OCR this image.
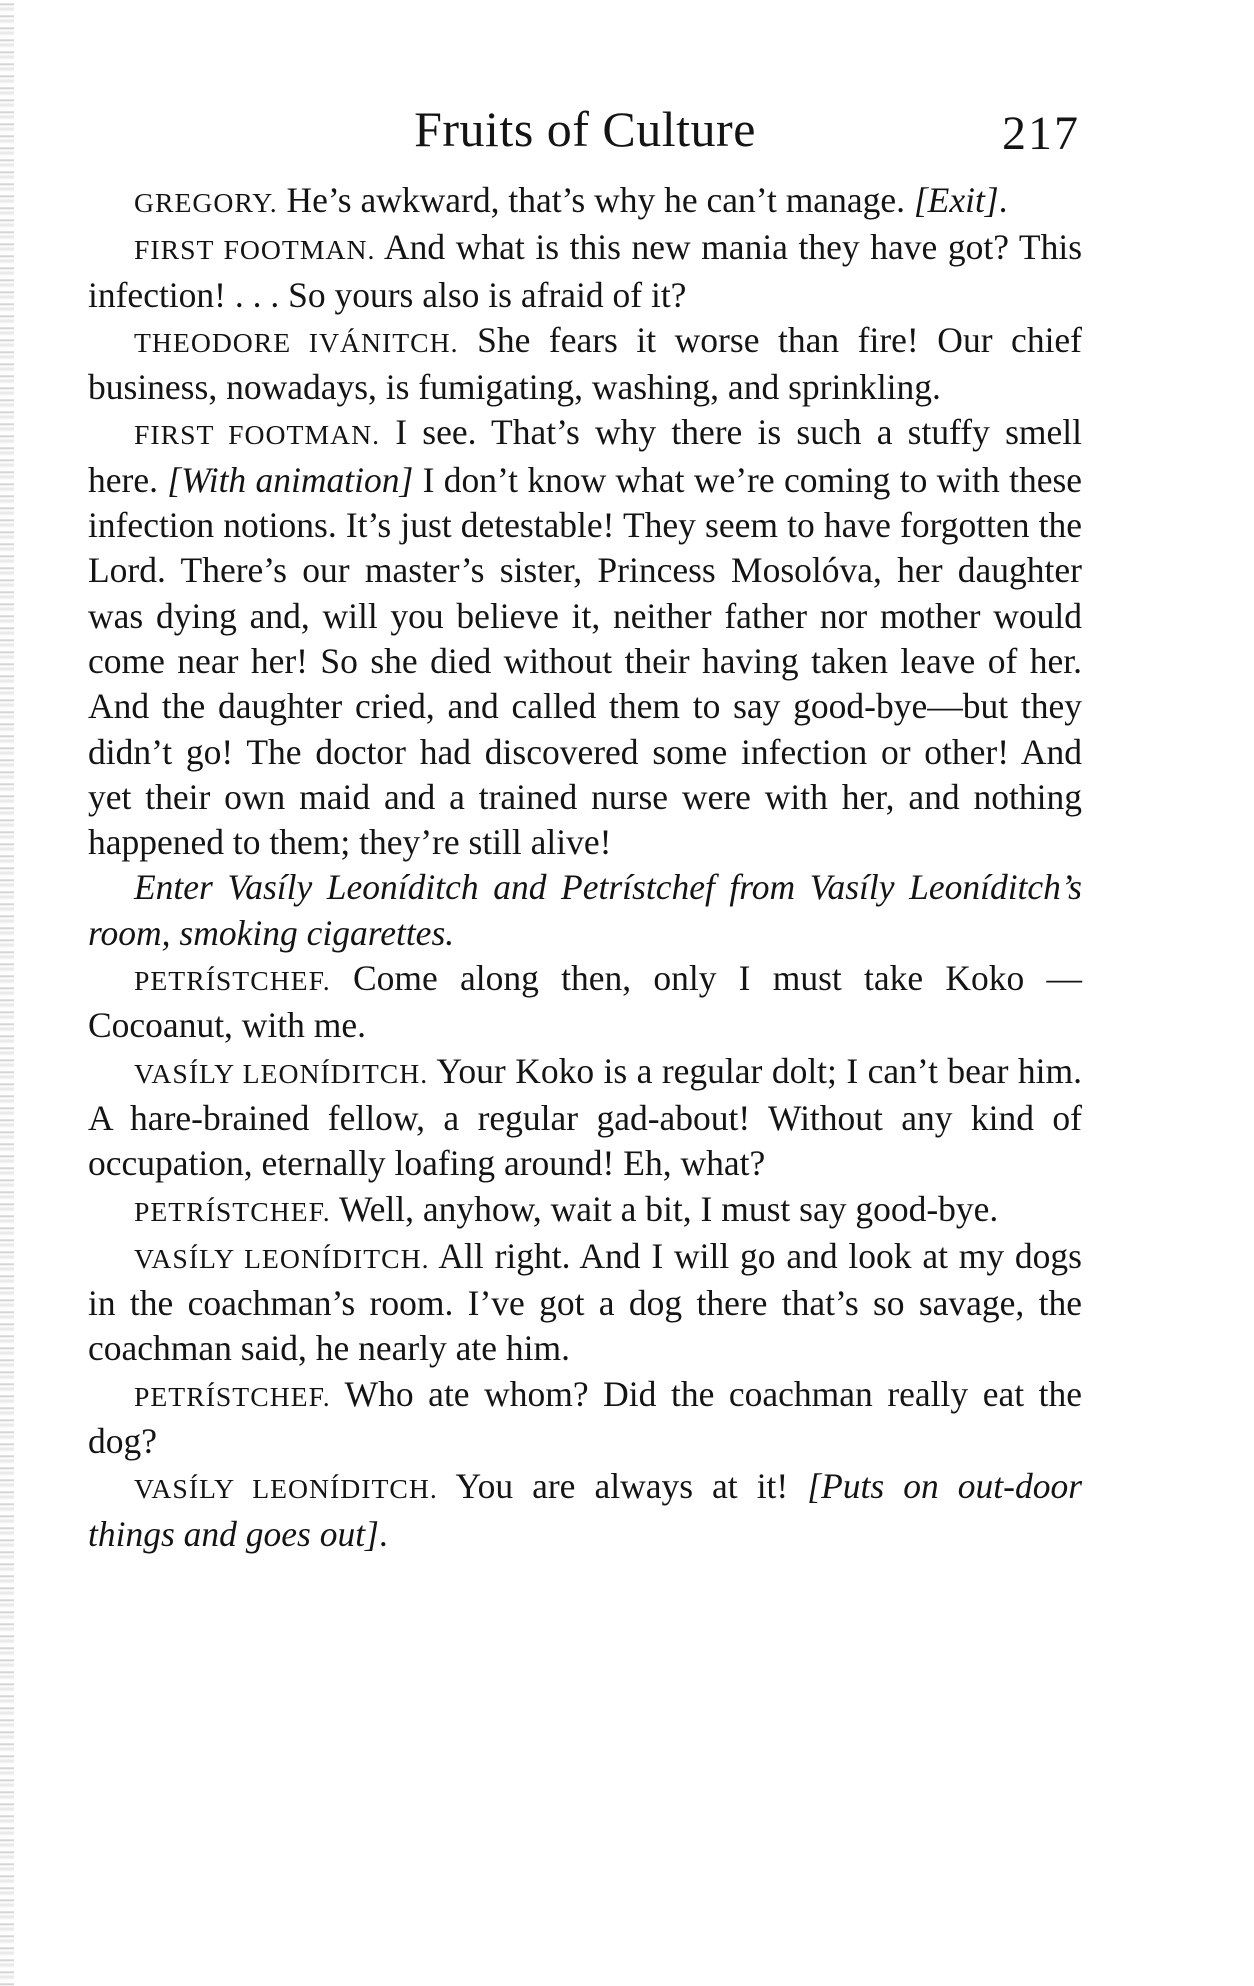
Fruits of Culture	217

GREGORY. He’s awkward, that’s why he can’t manage. [Exit].

FIRST FOOTMAN. And what is this new mania they have got? This infection! . . . So yours also is afraid of it?

THEODORE IVÁNITCH. She fears it worse than fire! Our chief business, nowadays, is fumigating, washing, and sprinkling.

FIRST FOOTMAN. I see. That’s why there is such a stuffy smell here. [With animation] I don’t know what we’re coming to with these infection notions. It’s just detestable! They seem to have forgotten the Lord. There’s our master’s sister, Princess Mosolóva, her daughter was dying and, will you believe it, neither father nor mother would come near her! So she died without their having taken leave of her. And the daughter cried, and called them to say good-bye—but they didn’t go! The doctor had discovered some infection or other! And yet their own maid and a trained nurse were with her, and nothing happened to them; they’re still alive!

Enter Vasíly Leoníditch and Petrístchef from Vasíly Leoníditch’s room, smoking cigarettes.

PETRÍSTCHEF. Come along then, only I must take Koko —Cocoanut, with me.

VASÍLY LEONÍDITCH. Your Koko is a regular dolt; I can’t bear him. A hare-brained fellow, a regular gad-about! Without any kind of occupation, eternally loafing around! Eh, what?

PETRÍSTCHEF. Well, anyhow, wait a bit, I must say good-bye.

VASÍLY LEONÍDITCH. All right. And I will go and look at my dogs in the coachman’s room. I’ve got a dog there that’s so savage, the coachman said, he nearly ate him.

PETRÍSTCHEF. Who ate whom? Did the coachman really eat the dog?

VASÍLY LEONÍDITCH. You are always at it! [Puts on out-door things and goes out].
